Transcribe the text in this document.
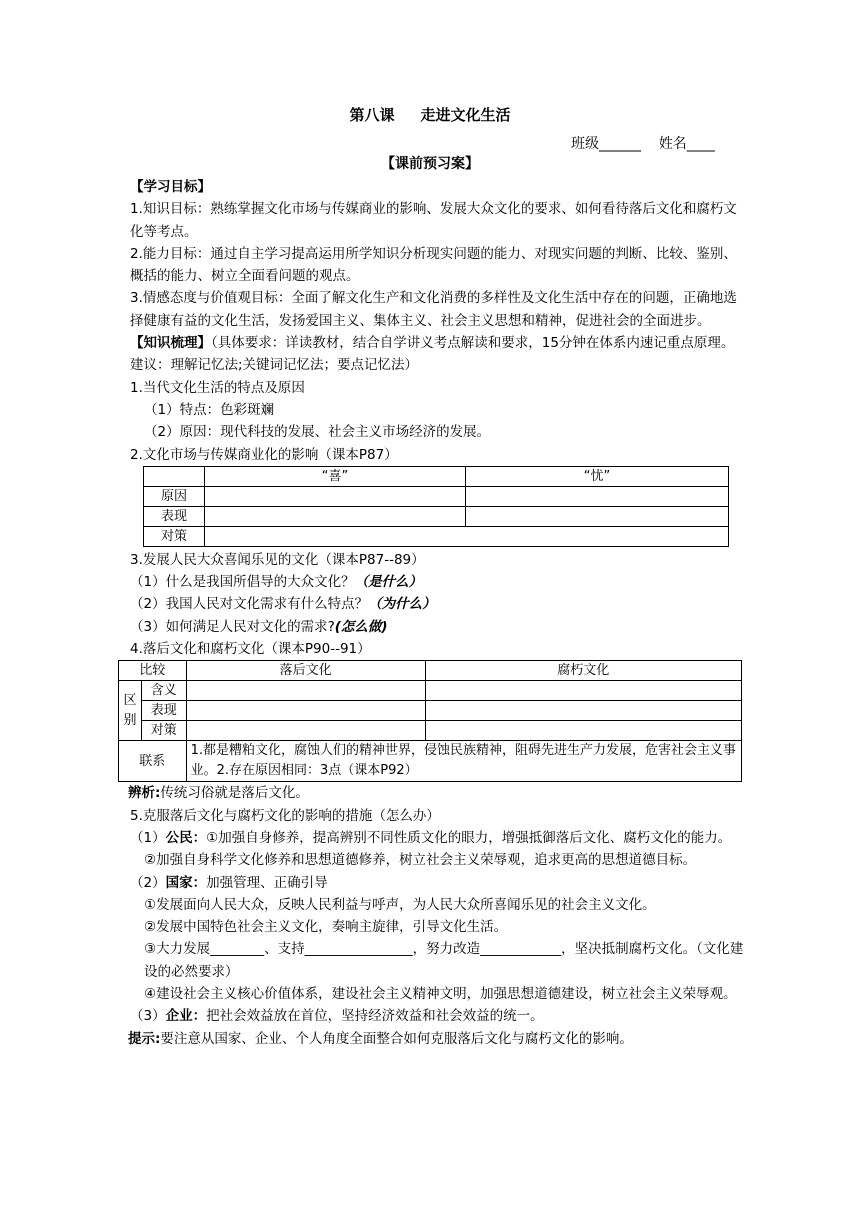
第八课 走进文化生活
班级______ 姓名____
【课前预习案】
【学习目标】
1.知识目标：熟练掌握文化市场与传媒商业的影响、发展大众文化的要求、如何看待落后文化和腐朽文化等考点。
2.能力目标：通过自主学习提高运用所学知识分析现实问题的能力、对现实问题的判断、比较、鉴别、概括的能力、树立全面看问题的观点。
3.情感态度与价值观目标：全面了解文化生产和文化消费的多样性及文化生活中存在的问题，正确地选择健康有益的文化生活，发扬爱国主义、集体主义、社会主义思想和精神，促进社会的全面进步。
【知识梳理】（具体要求：详读教材，结合自学讲义考点解读和要求，15分钟在体系内速记重点原理。建议：理解记忆法;关键词记忆法；要点记忆法）
1.当代文化生活的特点及原因
（1）特点：色彩斑斓
（2）原因：现代科技的发展、社会主义市场经济的发展。
2.文化市场与传媒商业化的影响（课本P87）
	“喜”	“忧”
原因		
表现		
对策		
3.发展人民大众喜闻乐见的文化（课本P87--89）
（1）什么是我国所倡导的大众文化？（是什么）
（2）我国人民对文化需求有什么特点？（为什么）
（3）如何满足人民对文化的需求?(怎么做)
4.落后文化和腐朽文化（课本P90--91）
比较		落后文化	腐朽文化
区
别	含义		
	表现		
	对策		
联系		1.都是糟粕文化，腐蚀人们的精神世界，侵蚀民族精神，阻碍先进生产力发展，危害社会主义事业。2.存在原因相同：3点（课本P92）	
辨析:传统习俗就是落后文化。
5.克服落后文化与腐朽文化的影响的措施（怎么办）
（1）公民：①加强自身修养，提高辨别不同性质文化的眼力，增强抵御落后文化、腐朽文化的能力。
②加强自身科学文化修养和思想道德修养，树立社会主义荣辱观，追求更高的思想道德目标。
（2）国家：加强管理、正确引导
①发展面向人民大众，反映人民利益与呼声，为人民大众所喜闻乐见的社会主义文化。
②发展中国特色社会主义文化，奏响主旋律，引导文化生活。
③大力发展________、支持________________，努力改造____________，坚决抵制腐朽文化。（文化建设的必然要求）
④建设社会主义核心价值体系，建设社会主义精神文明，加强思想道德建设，树立社会主义荣辱观。
（3）企业：把社会效益放在首位，坚持经济效益和社会效益的统一。
提示:要注意从国家、企业、个人角度全面整合如何克服落后文化与腐朽文化的影响。
